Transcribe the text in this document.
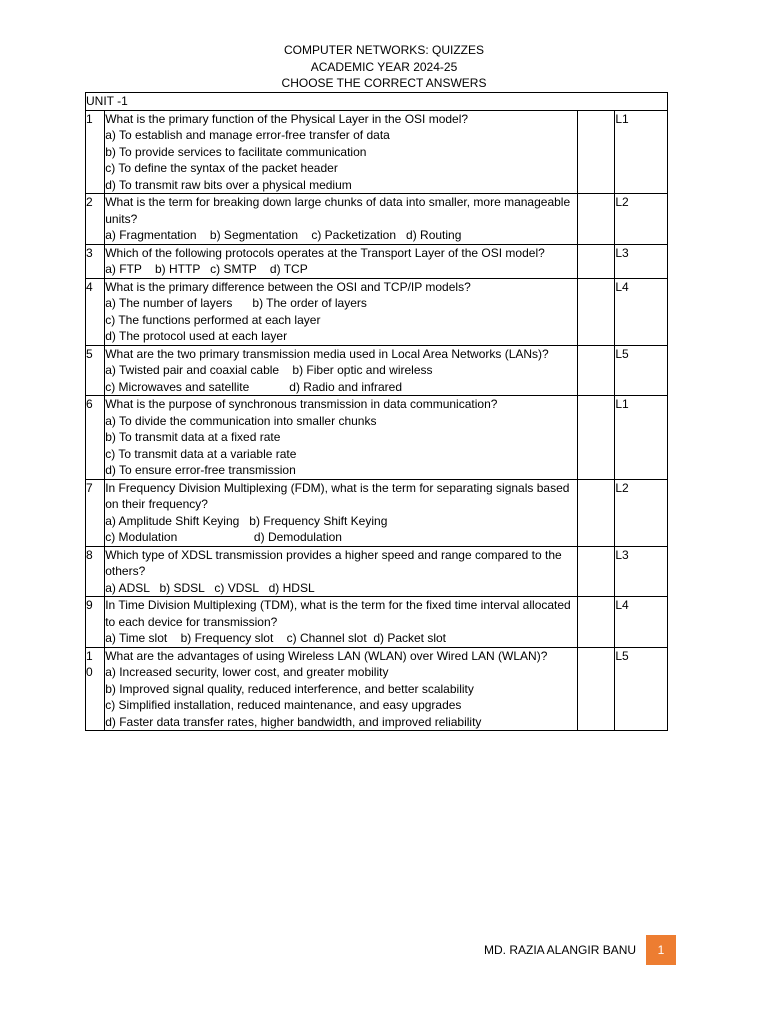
COMPUTER NETWORKS: QUIZZES
ACADEMIC YEAR 2024-25
CHOOSE THE CORRECT ANSWERS
UNIT -1			

1	What is the primary function of the Physical Layer in the OSI model?
a) To establish and manage error-free transfer of data
b) To provide services to facilitate communication
c) To define the syntax of the packet header
d) To transmit raw bits over a physical medium		L1

2	What is the term for breaking down large chunks of data into smaller, more manageable units?
a) Fragmentation    b) Segmentation    c) Packetization   d) Routing		L2

3	Which of the following protocols operates at the Transport Layer of the OSI model?
a) FTP    b) HTTP   c) SMTP    d) TCP		L3

4	What is the primary difference between the OSI and TCP/IP models?
a) The number of layers      b) The order of layers
c) The functions performed at each layer
d) The protocol used at each layer		L4

5	What are the two primary transmission media used in Local Area Networks (LANs)?
a) Twisted pair and coaxial cable    b) Fiber optic and wireless
c) Microwaves and satellite            d) Radio and infrared		L5

6	What is the purpose of synchronous transmission in data communication?
a) To divide the communication into smaller chunks
b) To transmit data at a fixed rate
c) To transmit data at a variable rate
d) To ensure error-free transmission		L1

7	In Frequency Division Multiplexing (FDM), what is the term for separating signals based on their frequency?
a) Amplitude Shift Keying   b) Frequency Shift Keying
c) Modulation                       d) Demodulation		L2

8	Which type of XDSL transmission provides a higher speed and range compared to the others?
a) ADSL   b) SDSL   c) VDSL   d) HDSL		L3

9	In Time Division Multiplexing (TDM), what is the term for the fixed time interval allocated to each device for transmission?
a) Time slot    b) Frequency slot    c) Channel slot  d) Packet slot		L4

10	What are the advantages of using Wireless LAN (WLAN) over Wired LAN (WLAN)?
a) Increased security, lower cost, and greater mobility
b) Improved signal quality, reduced interference, and better scalability
c) Simplified installation, reduced maintenance, and easy upgrades
d) Faster data transfer rates, higher bandwidth, and improved reliability		L5
MD. RAZIA ALANGIR BANU	1
